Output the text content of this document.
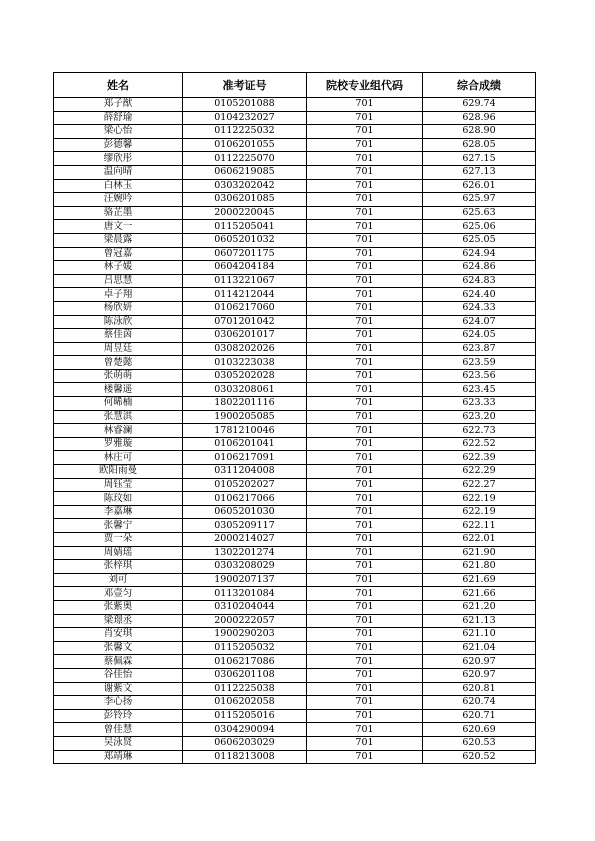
姓名	准考证号	院校专业组代码	综合成绩
郑子猷	0105201088	701	629.74
薛舒瑜	0104232027	701	628.96
梁心怡	0112225032	701	628.90
彭德馨	0106201055	701	628.05
缪欣彤	0112225070	701	627.15
温向晴	0606219085	701	627.13
白林玉	0303202042	701	626.01
汪婉吟	0306201085	701	625.97
骆芷墨	2000220045	701	625.63
唐文一	0115205041	701	625.06
梁晨露	0605201032	701	625.05
曾冠嘉	0607201175	701	624.94
林子媛	0604204184	701	624.86
吕思慧	0113221067	701	624.83
卓子翔	0114212044	701	624.40
杨欣妍	0106217060	701	624.33
陈泳欣	0701201042	701	624.07
蔡佳茵	0306201017	701	624.05
周昱廷	0308202026	701	623.87
曾楚懿	0103223038	701	623.59
张萌萌	0305202028	701	623.56
楼馨遥	0303208061	701	623.45
何晞楠	1802201116	701	623.33
张慧淇	1900205085	701	623.20
林睿澜	1781210046	701	622.73
罗雅璇	0106201041	701	622.52
林庄可	0106217091	701	622.39
欧阳雨曼	0311204008	701	622.29
周钰莹	0105202027	701	622.27
陈玟如	0106217066	701	622.19
李嘉琳	0605201030	701	622.19
张馨宁	0305209117	701	622.11
贾一朵	2000214027	701	622.01
周婧瑶	1302201274	701	621.90
张梓琪	0303208029	701	621.80
刘可	1900207137	701	621.69
邓壹匀	0113201084	701	621.66
张紫奥	0310204044	701	621.20
梁璟丞	2000222057	701	621.13
肖安琪	1900290203	701	621.10
张馨文	0115205032	701	621.04
蔡佩霖	0106217086	701	620.97
谷佳怡	0306201108	701	620.97
谢紫文	0112225038	701	620.81
李心扬	0106202058	701	620.74
彭铃玲	0115205016	701	620.71
曾佳慧	0304290094	701	620.69
吴泳贤	0606203029	701	620.53
郑靖琳	0118213008	701	620.52
